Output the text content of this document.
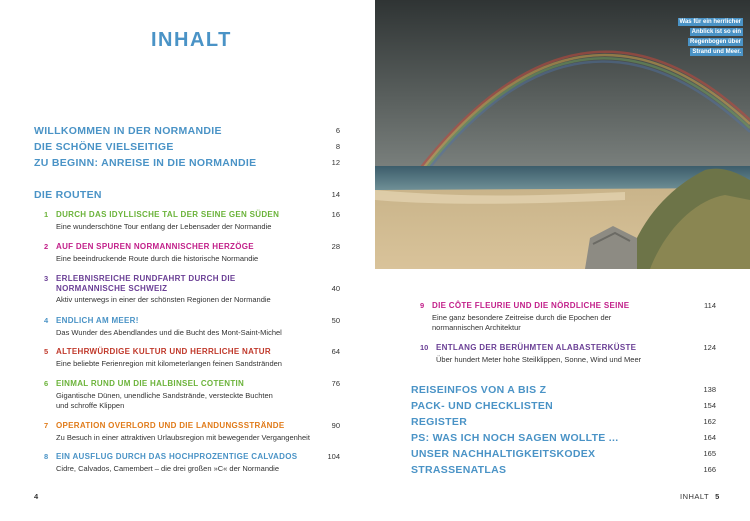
INHALT
WILLKOMMEN IN DER NORMANDIE	6
DIE SCHÖNE VIELSEITIGE	8
ZU BEGINN: ANREISE IN DIE NORMANDIE	12
DIE ROUTEN	14
1 DURCH DAS IDYLLISCHE TAL DER SEINE GEN SÜDEN	16
Eine wunderschöne Tour entlang der Lebensader der Normandie
2 AUF DEN SPUREN NORMANNISCHER HERZÖGE	28
Eine beeindruckende Route durch die historische Normandie
3 ERLEBNISREICHE RUNDFAHRT DURCH DIE
NORMANNISCHE SCHWEIZ	40
Aktiv unterwegs in einer der schönsten Regionen der Normandie
4 ENDLICH AM MEER!	50
Das Wunder des Abendlandes und die Bucht des Mont-Saint-Michel
5 ALTEHRWÜRDIGE KULTUR UND HERRLICHE NATUR	64
Eine beliebte Ferienregion mit kilometerlangen feinen Sandstränden
6 EINMAL RUND UM DIE HALBINSEL COTENTIN	76
Gigantische Dünen, unendliche Sandstrände, versteckte Buchten
und schroffe Klippen
7 OPERATION OVERLORD UND DIE LANDUNGSSTRÄNDE	90
Zu Besuch in einer attraktiven Urlaubsregion mit bewegender Vergangenheit
8 EIN AUSFLUG DURCH DAS HOCHPROZENTIGE CALVADOS	104
Cidre, Calvados, Camembert – die drei großen »C« der Normandie
4
Was für ein herrlicher
Anblick ist so ein
Regenbogen über
Strand und Meer.
9 DIE CÔTE FLEURIE UND DIE NÖRDLICHE SEINE	114
Eine ganz besondere Zeitreise durch die Epochen der
normannischen Architektur
10 ENTLANG DER BERÜHMTEN ALABASTERKÜSTE	124
Über hundert Meter hohe Steilklippen, Sonne, Wind und Meer
REISEINFOS VON A BIS Z	138
PACK- UND CHECKLISTEN	154
REGISTER	162
PS: WAS ICH NOCH SAGEN WOLLTE ...	164
UNSER NACHHALTIGKEITSKODEX	165
STRASSENATLAS	166
INHALT 5
